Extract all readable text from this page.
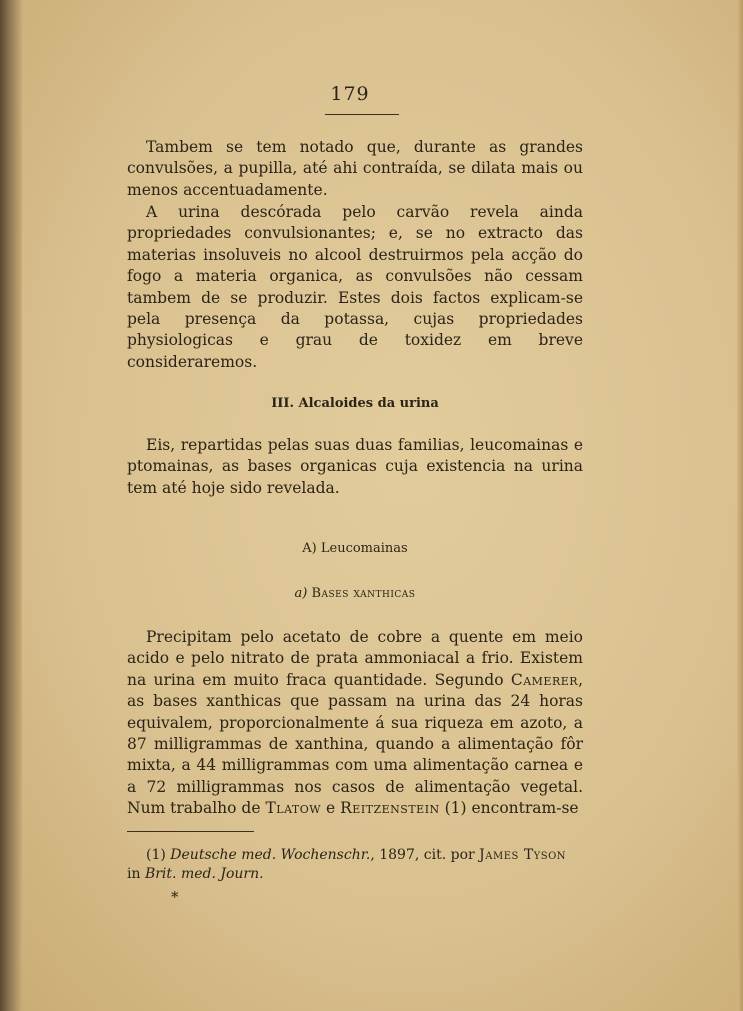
179

Tambem se tem notado que, durante as grandes convulsões, a pupilla, até ahi contraída, se dilata mais ou menos accentuadamente.

A urina descórada pelo carvão revela ainda propriedades convulsionantes; e, se no extracto das materias insoluveis no alcool destruirmos pela acção do fogo a materia organica, as convulsões não cessam tambem de se produzir. Estes dois factos explicam-se pela presença da potassa, cujas propriedades physiologicas e grau de toxidez em breve consideraremos.

III. Alcaloides da urina

Eis, repartidas pelas suas duas familias, leucomainas e ptomainas, as bases organicas cuja existencia na urina tem até hoje sido revelada.

A) Leucomainas
a) Bases xanthicas

Precipitam pelo acetato de cobre a quente em meio acido e pelo nitrato de prata ammoniacal a frio. Existem na urina em muito fraca quantidade. Segundo Camerer, as bases xanthicas que passam na urina das 24 horas equivalem, proporcionalmente á sua riqueza em azoto, a 87 milligrammas de xanthina, quando a alimentação fôr mixta, a 44 milligrammas com uma alimentação carnea e a 72 milligrammas nos casos de alimentação vegetal. Num trabalho de Tlatow e Reitzenstein (1) encontram-se

(1) Deutsche med. Wochenschr., 1897, cit. por James Tyson in Brit. med. Journ.

*
